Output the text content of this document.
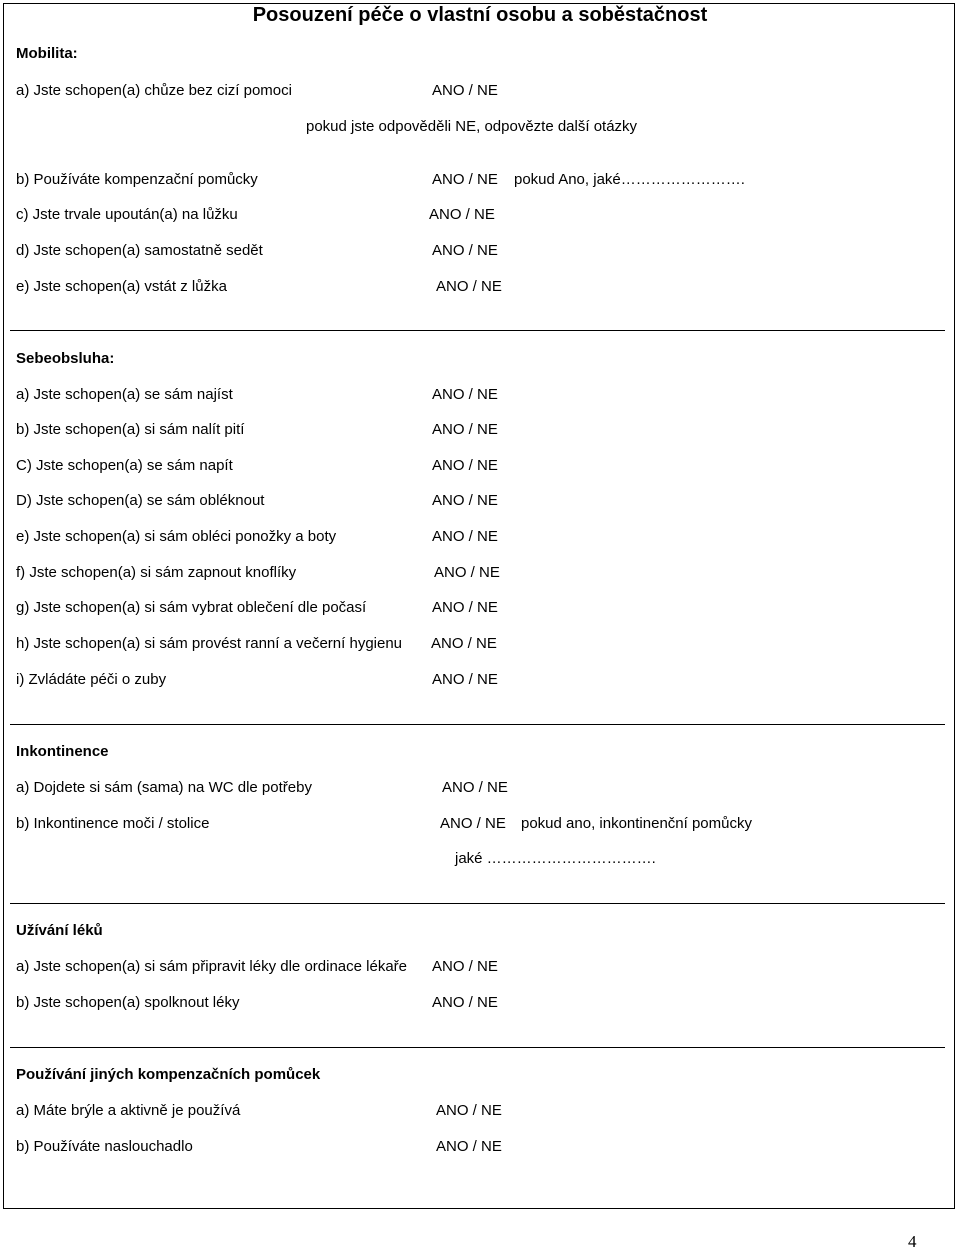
Posouzení péče o vlastní osobu a soběstačnost
Mobilita:
a) Jste schopen(a) chůze bez cizí pomoci	ANO / NE
pokud jste odpověděli NE, odpovězte další otázky
b) Používáte kompenzační pomůcky	ANO / NE pokud Ano, jaké…………………….
c) Jste trvale upoután(a) na lůžku	ANO / NE
d) Jste schopen(a) samostatně sedět	ANO / NE
e) Jste schopen(a) vstát z lůžka	ANO / NE
Sebeobsluha:
a) Jste schopen(a) se sám najíst	ANO / NE
b) Jste schopen(a) si sám nalít pití	ANO / NE
C) Jste schopen(a) se sám napít	ANO / NE
D) Jste schopen(a) se sám obléknout	ANO / NE
e) Jste schopen(a) si sám obléci ponožky a boty	ANO / NE
f) Jste schopen(a) si sám zapnout knoflíky	ANO / NE
g) Jste schopen(a) si sám vybrat oblečení dle počasí	ANO / NE
h) Jste schopen(a) si sám provést ranní a večerní hygienu ANO / NE
i) Zvládáte péči o zuby	ANO / NE
Inkontinence
a) Dojdete si sám (sama) na WC dle potřeby	ANO / NE
b) Inkontinence moči / stolice	ANO / NE pokud ano, inkontinenční pomůcky
jaké …………………………….
Užívání léků
a) Jste schopen(a) si sám připravit léky dle ordinace lékaře ANO / NE
b) Jste schopen(a) spolknout léky	ANO / NE
Používání jiných kompenzačních pomůcek
a) Máte brýle a aktivně je používá	ANO / NE
b) Používáte naslouchadlo	ANO / NE
4
